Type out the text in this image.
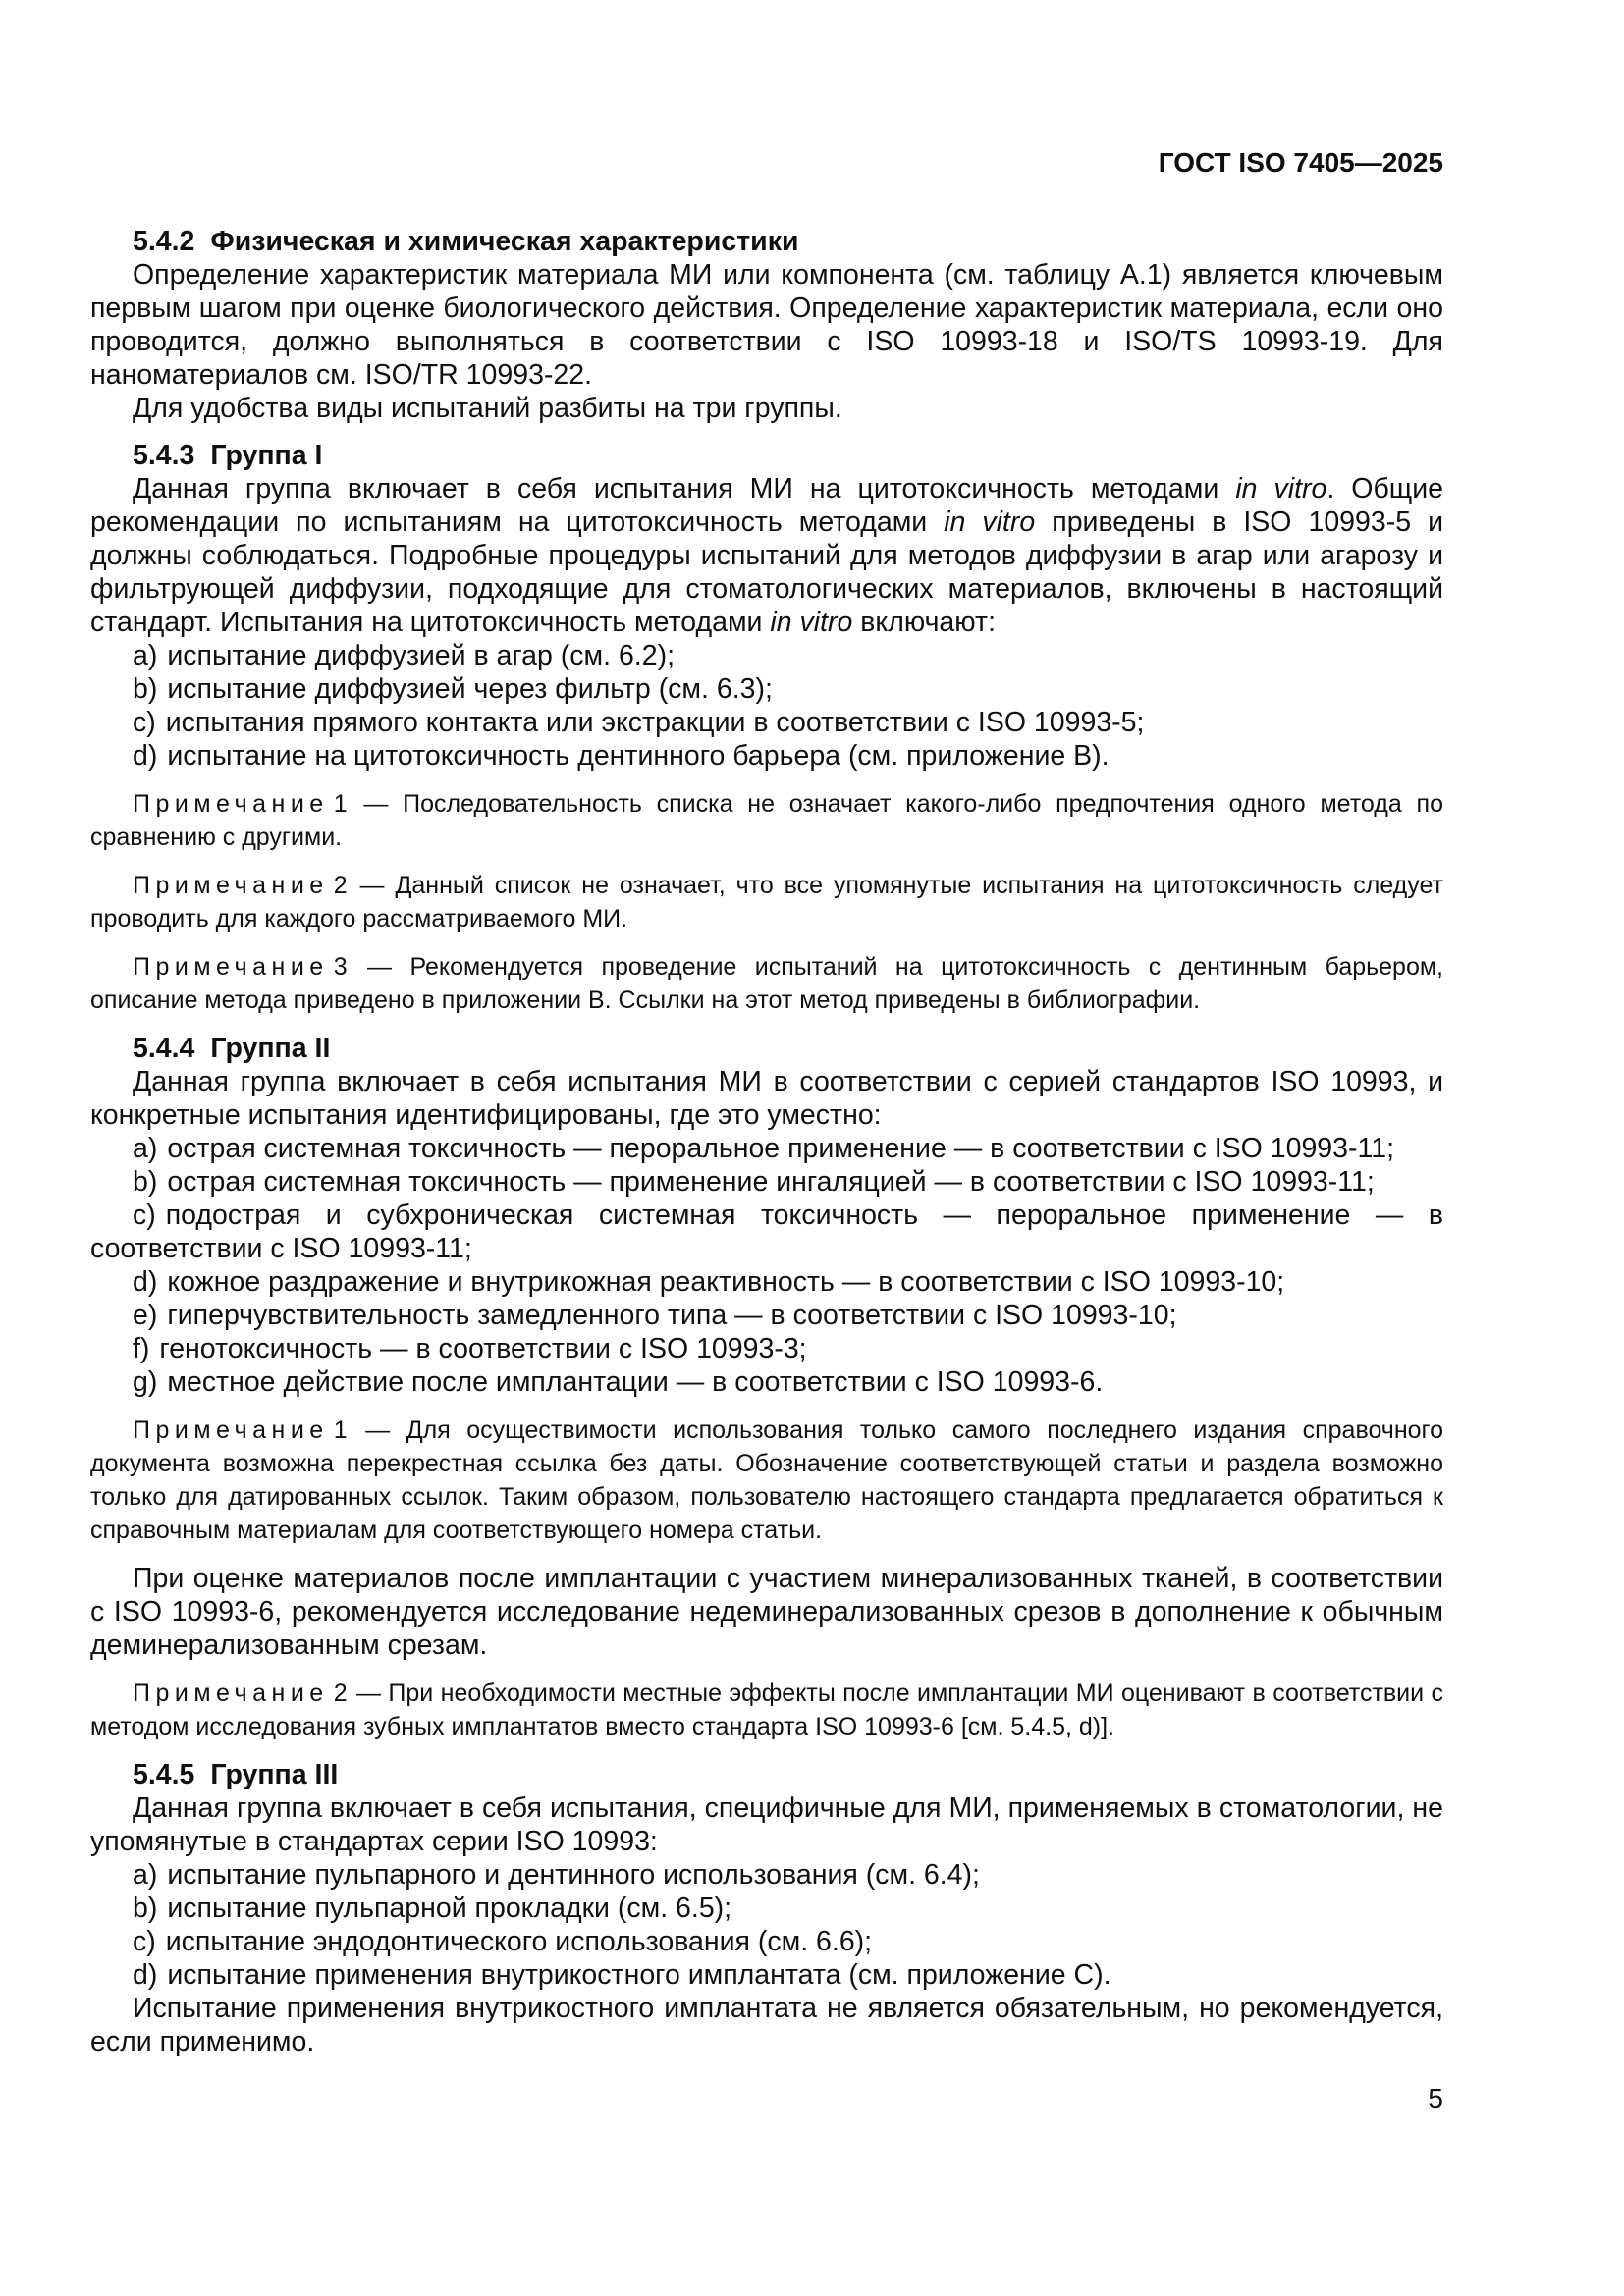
ГОСТ ISO 7405—2025
5.4.2 Физическая и химическая характеристики

Определение характеристик материала МИ или компонента (см. таблицу А.1) является ключевым первым шагом при оценке биологического действия. Определение характеристик материала, если оно проводится, должно выполняться в соответствии с ISO 10993-18 и ISO/TS 10993-19. Для наноматериалов см. ISO/TR 10993-22.

Для удобства виды испытаний разбиты на три группы.

5.4.3 Группа I

Данная группа включает в себя испытания МИ на цитотоксичность методами in vitro. Общие рекомендации по испытаниям на цитотоксичность методами in vitro приведены в ISO 10993-5 и должны соблюдаться. Подробные процедуры испытаний для методов диффузии в агар или агарозу и фильтрующей диффузии, подходящие для стоматологических материалов, включены в настоящий стандарт. Испытания на цитотоксичность методами in vitro включают:

a) испытание диффузией в агар (см. 6.2);

b) испытание диффузией через фильтр (см. 6.3);

c) испытания прямого контакта или экстракции в соответствии с ISO 10993-5;

d) испытание на цитотоксичность дентинного барьера (см. приложение В).

Примечание 1 — Последовательность списка не означает какого-либо предпочтения одного метода по сравнению с другими.

Примечание 2 — Данный список не означает, что все упомянутые испытания на цитотоксичность следует проводить для каждого рассматриваемого МИ.

Примечание 3 — Рекомендуется проведение испытаний на цитотоксичность с дентинным барьером, описание метода приведено в приложении В. Ссылки на этот метод приведены в библиографии.

5.4.4 Группа II

Данная группа включает в себя испытания МИ в соответствии с серией стандартов ISO 10993, и конкретные испытания идентифицированы, где это уместно:

a) острая системная токсичность — пероральное применение — в соответствии с ISO 10993-11;

b) острая системная токсичность — применение ингаляцией — в соответствии с ISO 10993-11;

c) подострая и субхроническая системная токсичность — пероральное применение — в соответствии с ISO 10993-11;

d) кожное раздражение и внутрикожная реактивность — в соответствии с ISO 10993-10;

e) гиперчувствительность замедленного типа — в соответствии с ISO 10993-10;

f) генотоксичность — в соответствии с ISO 10993-3;

g) местное действие после имплантации — в соответствии с ISO 10993-6.

Примечание 1 — Для осуществимости использования только самого последнего издания справочного документа возможна перекрестная ссылка без даты. Обозначение соответствующей статьи и раздела возможно только для датированных ссылок. Таким образом, пользователю настоящего стандарта предлагается обратиться к справочным материалам для соответствующего номера статьи.

При оценке материалов после имплантации с участием минерализованных тканей, в соответствии с ISO 10993-6, рекомендуется исследование недеминерализованных срезов в дополнение к обычным деминерализованным срезам.

Примечание 2 — При необходимости местные эффекты после имплантации МИ оценивают в соответствии с методом исследования зубных имплантатов вместо стандарта ISO 10993-6 [см. 5.4.5, d)].

5.4.5 Группа III

Данная группа включает в себя испытания, специфичные для МИ, применяемых в стоматологии, не упомянутые в стандартах серии ISO 10993:

a) испытание пульпарного и дентинного использования (см. 6.4);

b) испытание пульпарной прокладки (см. 6.5);

c) испытание эндодонтического использования (см. 6.6);

d) испытание применения внутрикостного имплантата (см. приложение С).

Испытание применения внутрикостного имплантата не является обязательным, но рекомендуется, если применимо.

5
